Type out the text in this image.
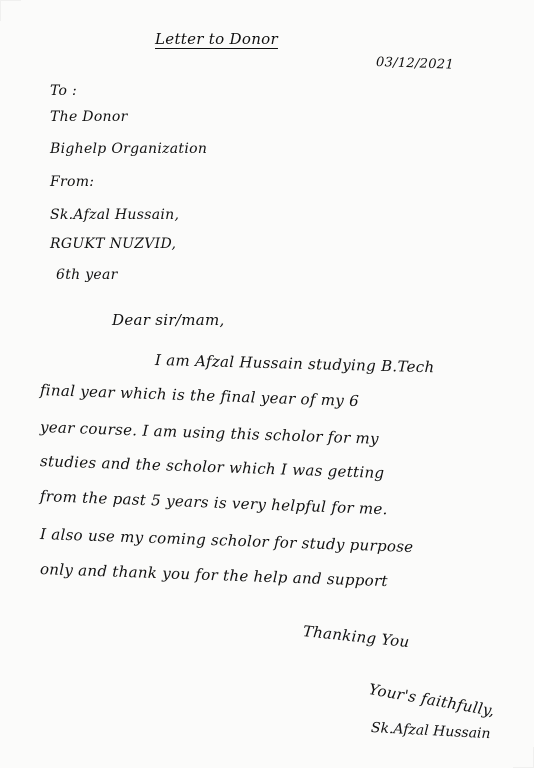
Letter to Donor
03/12/2021
To :
The Donor
Bighelp Organization
From:
Sk.Afzal Hussain,
RGUKT NUZVID,
6th year
Dear sir/mam,
I am Afzal Hussain studying B.Tech
final year which is the final year of my 6
year course. I am using this scholor for my
studies and the scholor which I was getting
from the past 5 years is very helpful for me.
I also use my coming scholor for study purpose
only and thank you for the help and support
Thanking You
Your's faithfully,
Sk.Afzal Hussain
